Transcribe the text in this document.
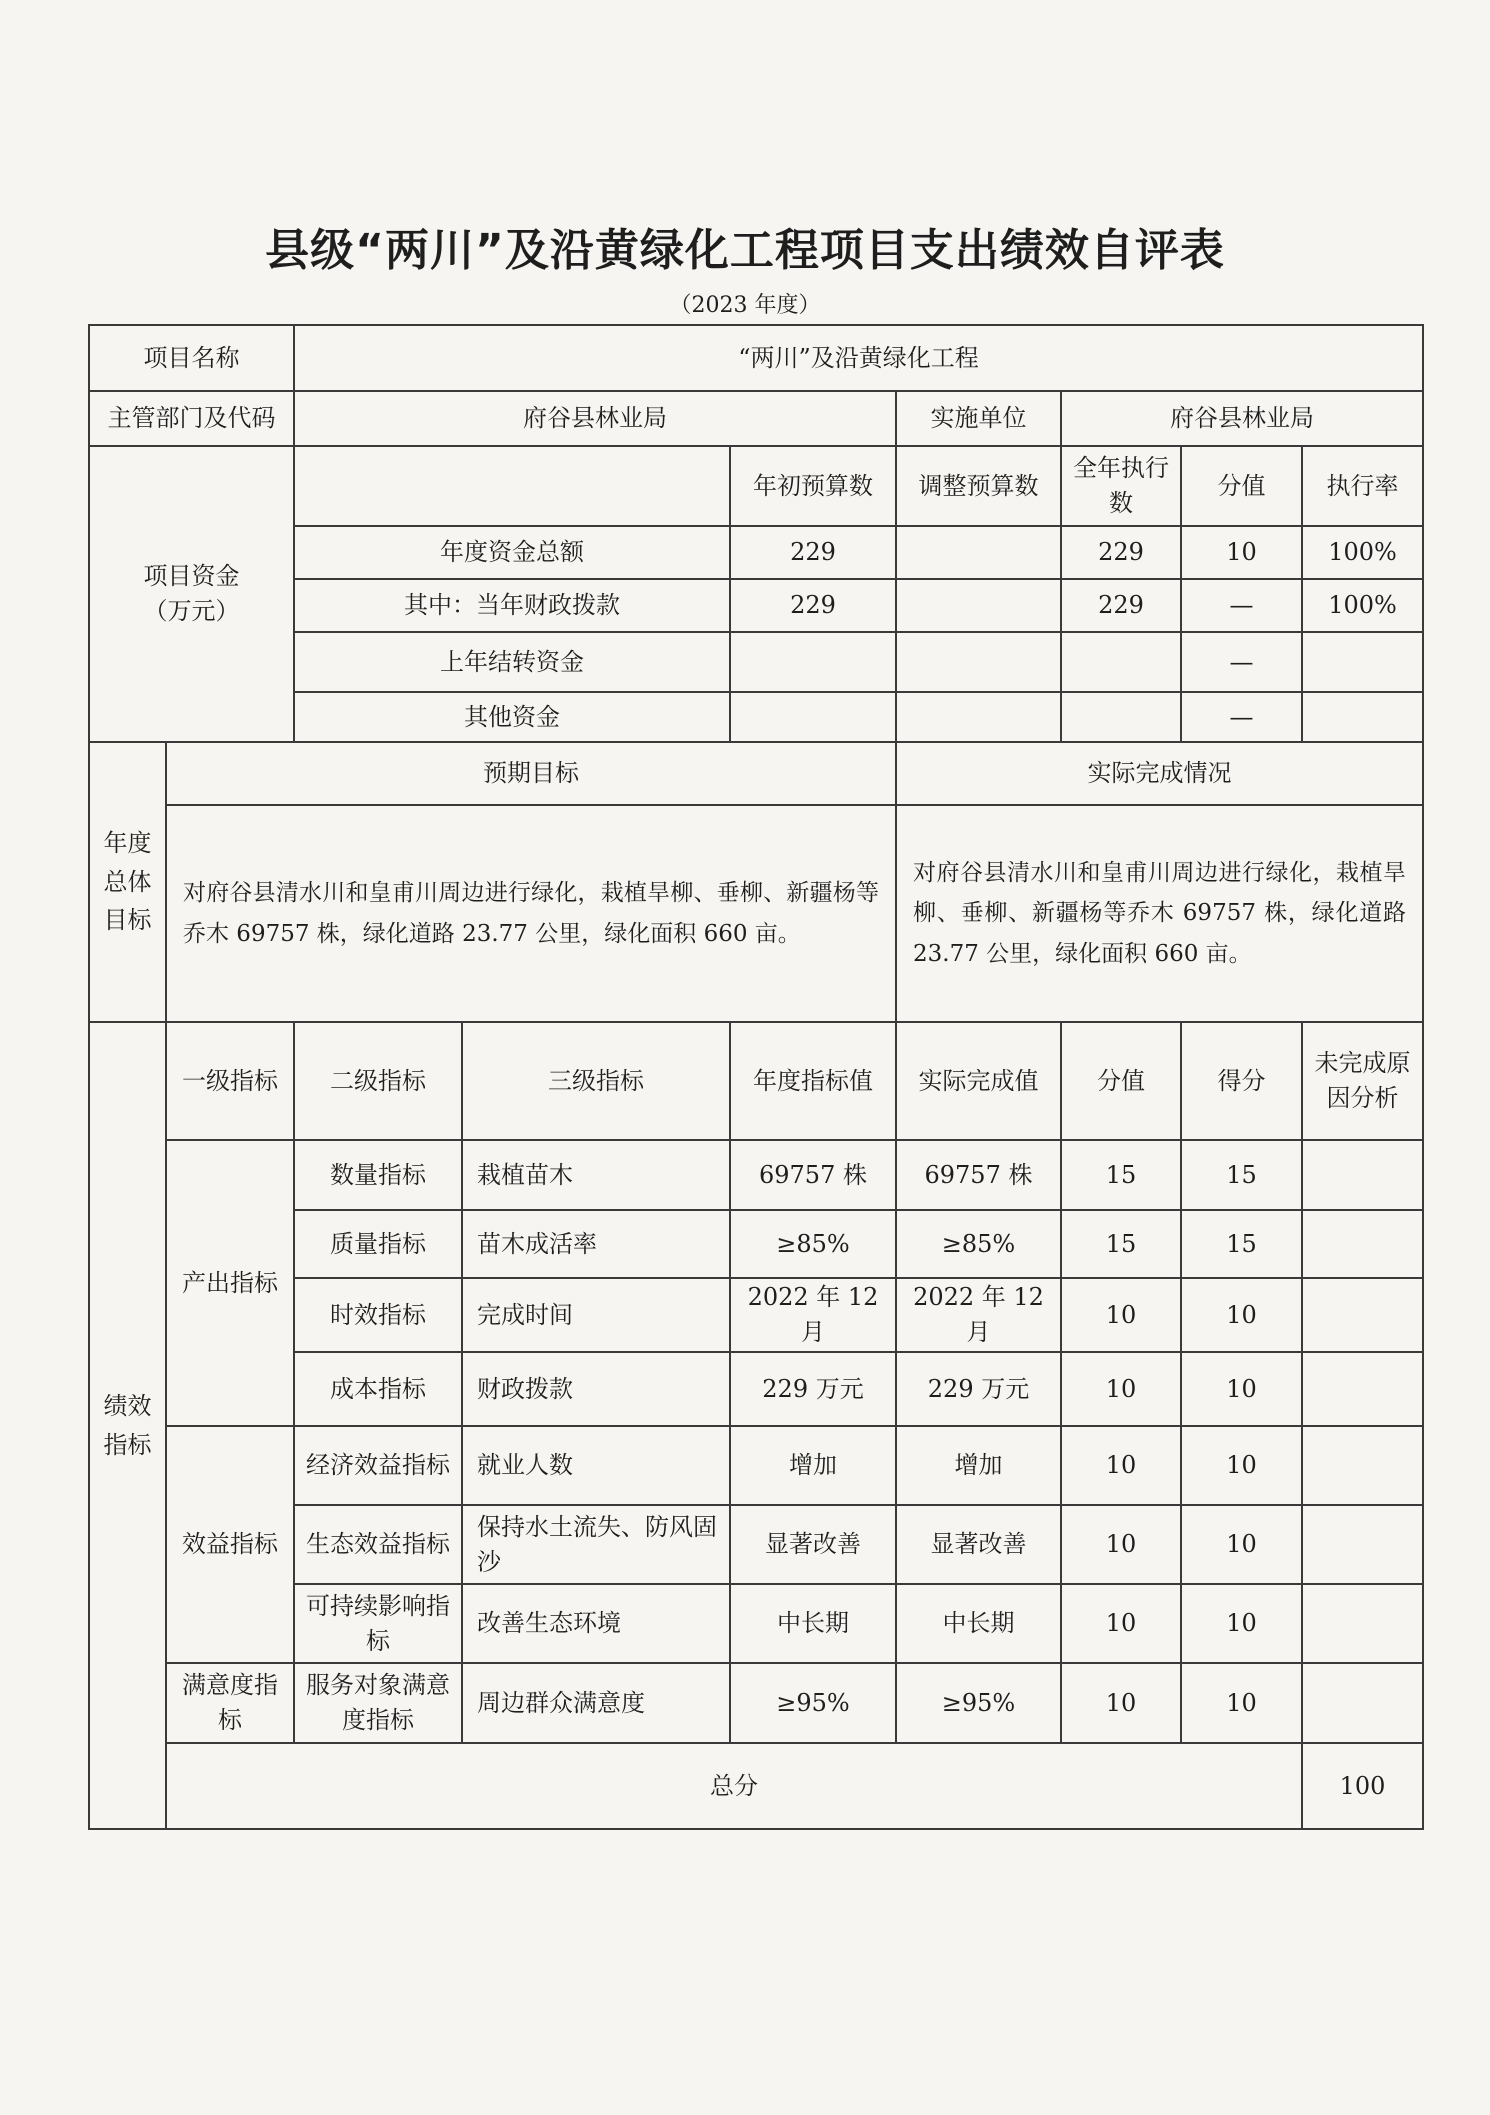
县级“两川”及沿黄绿化工程项目支出绩效自评表
（2023 年度）
项目名称		“两川”及沿黄绿化工程							
主管部门及代码		府谷县林业局			实施单位	府谷县林业局			
项目资金
（万元）				年初预算数	调整预算数	全年执行数	分值	执行率	
		年度资金总额		229		229	10	100%	
		其中：当年财政拨款		229		229	—	100%	
		上年结转资金					—		
		其他资金					—		
年度总体目标	预期目标				实际完成情况				
	对府谷县清水川和皇甫川周边进行绿化，栽植旱柳、垂柳、新疆杨等乔木 69757 株，绿化道路 23.77 公里，绿化面积 660 亩。				对府谷县清水川和皇甫川周边进行绿化，栽植旱柳、垂柳、新疆杨等乔木 69757 株，绿化道路 23.77 公里，绿化面积 660 亩。				
绩效指标	一级指标	二级指标	三级指标	年度指标值	实际完成值	分值	得分	未完成原因分析	
	产出指标	数量指标	栽植苗木	69757 株	69757 株	15	15		
		质量指标	苗木成活率	≥85%	≥85%	15	15		
		时效指标	完成时间	2022 年 12 月	2022 年 12 月	10	10		
		成本指标	财政拨款	229 万元	229 万元	10	10		
	效益指标	经济效益指标	就业人数	增加	增加	10	10		
		生态效益指标	保持水土流失、防风固沙	显著改善	显著改善	10	10		
		可持续影响指标	改善生态环境	中长期	中长期	10	10		
	满意度指标	服务对象满意度指标	周边群众满意度	≥95%	≥95%	10	10		
	总分							100	
